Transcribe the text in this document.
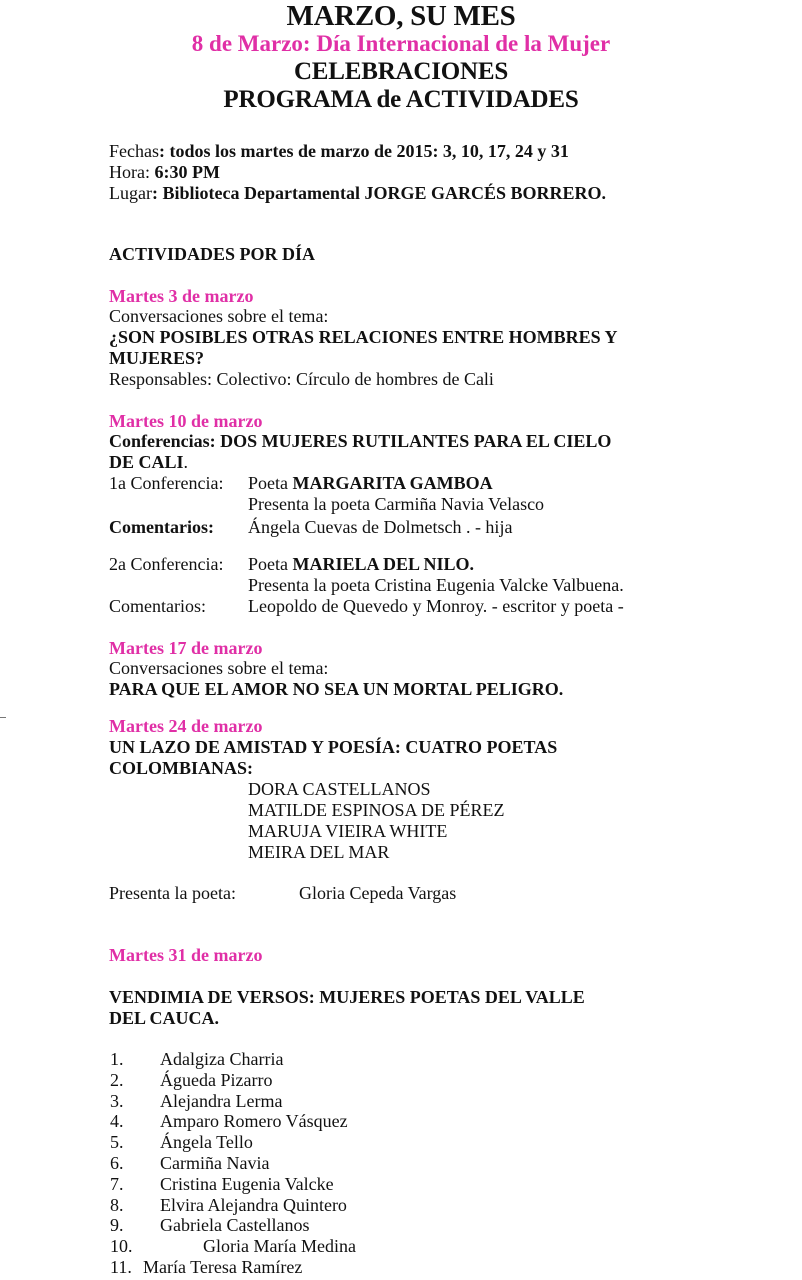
MARZO, SU MES
8 de Marzo: Día Internacional de la Mujer
CELEBRACIONES
PROGRAMA de ACTIVIDADES
Fechas: todos los martes de marzo de 2015: 3, 10, 17, 24 y 31
Hora: 6:30 PM
Lugar: Biblioteca Departamental JORGE GARCÉS BORRERO.
ACTIVIDADES POR DÍA
Martes 3 de marzo
Conversaciones sobre el tema:
¿SON POSIBLES OTRAS RELACIONES ENTRE HOMBRES Y
MUJERES?
Responsables: Colectivo: Círculo de hombres de Cali
Martes 10 de marzo
Conferencias: DOS MUJERES RUTILANTES PARA EL CIELO
DE CALI.
1a Conferencia: Poeta MARGARITA GAMBOA
Presenta la poeta Carmiña Navia Velasco
Comentarios: Ángela Cuevas de Dolmetsch . - hija
2a Conferencia: Poeta MARIELA DEL NILO.
Presenta la poeta Cristina Eugenia Valcke Valbuena.
Comentarios: Leopoldo de Quevedo y Monroy. - escritor y poeta -
Martes 17 de marzo
Conversaciones sobre el tema:
PARA QUE EL AMOR NO SEA UN MORTAL PELIGRO.
Martes 24 de marzo
UN LAZO DE AMISTAD Y POESÍA: CUATRO POETAS
COLOMBIANAS:
DORA CASTELLANOS
MATILDE ESPINOSA DE PÉREZ
MARUJA VIEIRA WHITE
MEIRA DEL MAR
Presenta la poeta:	Gloria Cepeda Vargas
Martes 31 de marzo
VENDIMIA DE VERSOS: MUJERES POETAS DEL VALLE
DEL CAUCA.
1. Adalgiza Charria
2. Águeda Pizarro
3. Alejandra Lerma
4. Amparo Romero Vásquez
5. Ángela Tello
6. Carmiña Navia
7. Cristina Eugenia Valcke
8. Elvira Alejandra Quintero
9. Gabriela Castellanos
10.	Gloria María Medina
11. María Teresa Ramírez
